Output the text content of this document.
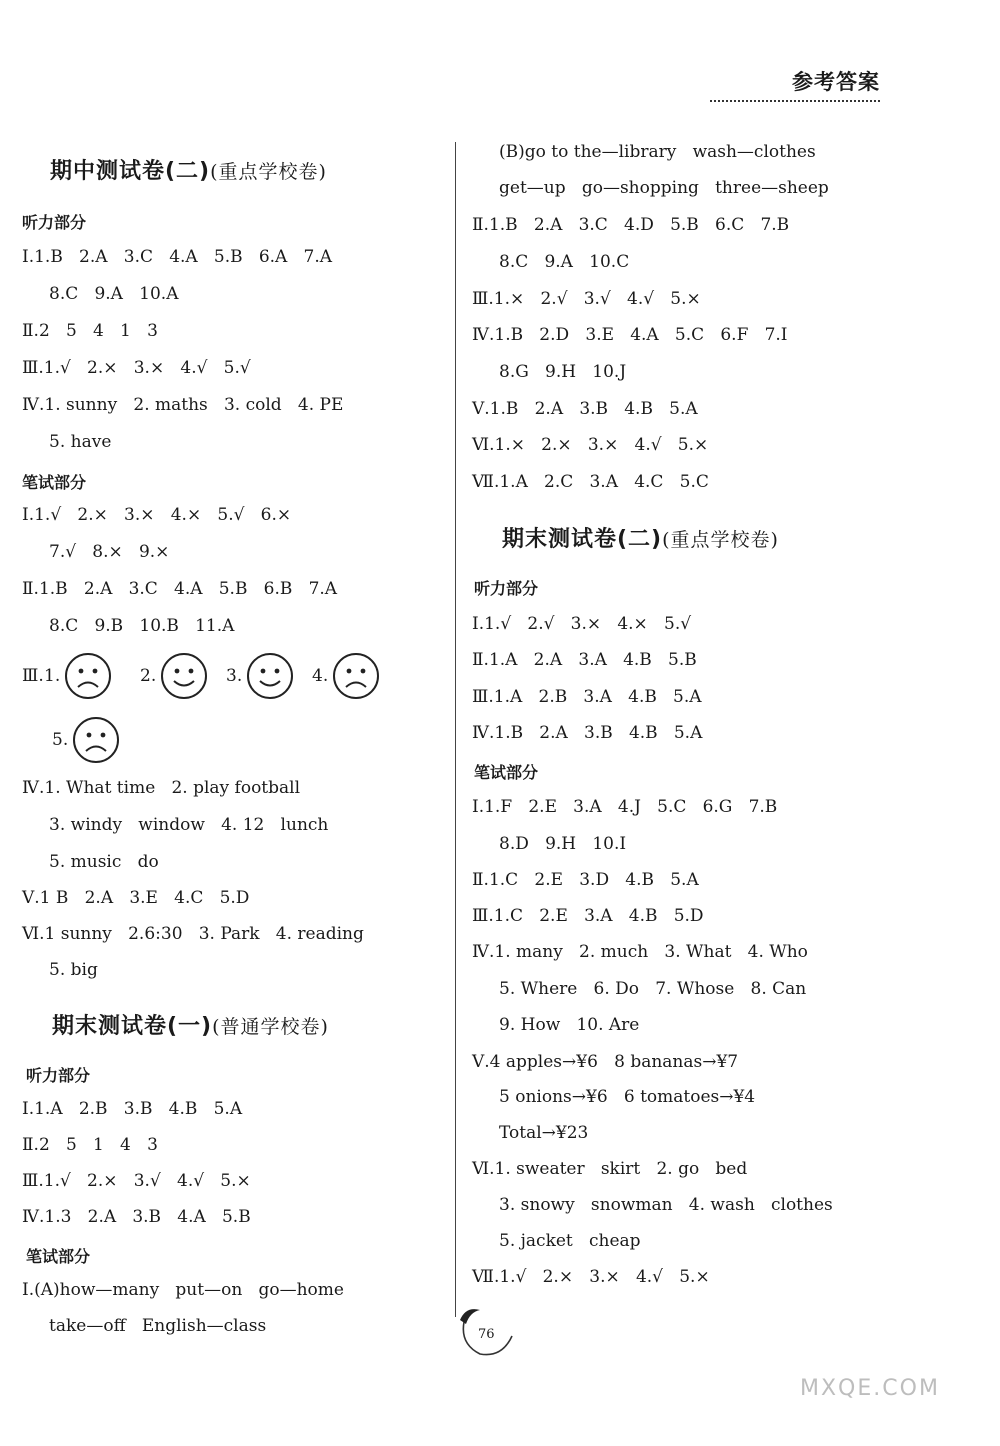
参考答案
期中测试卷(二)(重点学校卷)
听力部分
Ⅰ.1.B   2.A   3.C   4.A   5.B   6.A   7.A
8.C   9.A   10.A
Ⅱ.2   5   4   1   3
Ⅲ.1.√   2.×   3.×   4.√   5.√
Ⅳ.1. sunny   2. maths   3. cold   4. PE
5. have
笔试部分
Ⅰ.1.√   2.×   3.×   4.×   5.√   6.×
7.√   8.×   9.×
Ⅱ.1.B   2.A   3.C   4.A   5.B   6.B   7.A
8.C   9.B   10.B   11.A
Ⅲ. 1.	2.	3.	4.
5.
Ⅳ.1. What time   2. play football
3. windy   window   4. 12   lunch
5. music   do
Ⅴ.1 B   2.A   3.E   4.C   5.D
Ⅵ.1 sunny   2.6:30   3. Park   4. reading
5. big
期末测试卷(一)(普通学校卷)
听力部分
Ⅰ.1.A   2.B   3.B   4.B   5.A
Ⅱ.2   5   1   4   3
Ⅲ.1.√   2.×   3.√   4.√   5.×
Ⅳ.1.3   2.A   3.B   4.A   5.B
笔试部分
Ⅰ.(A)how—many   put—on   go—home
take—off   English—class
(B)go to the—library   wash—clothes
get—up   go—shopping   three—sheep
Ⅱ.1.B   2.A   3.C   4.D   5.B   6.C   7.B
8.C   9.A   10.C
Ⅲ.1.×   2.√   3.√   4.√   5.×
Ⅳ.1.B   2.D   3.E   4.A   5.C   6.F   7.I
8.G   9.H   10.J
Ⅴ.1.B   2.A   3.B   4.B   5.A
Ⅵ.1.×   2.×   3.×   4.√   5.×
Ⅶ.1.A   2.C   3.A   4.C   5.C
期末测试卷(二)(重点学校卷)
听力部分
Ⅰ.1.√   2.√   3.×   4.×   5.√
Ⅱ.1.A   2.A   3.A   4.B   5.B
Ⅲ.1.A   2.B   3.A   4.B   5.A
Ⅳ.1.B   2.A   3.B   4.B   5.A
笔试部分
Ⅰ.1.F   2.E   3.A   4.J   5.C   6.G   7.B
8.D   9.H   10.I
Ⅱ.1.C   2.E   3.D   4.B   5.A
Ⅲ.1.C   2.E   3.A   4.B   5.D
Ⅳ.1. many   2. much   3. What   4. Who
5. Where   6. Do   7. Whose   8. Can
9. How   10. Are
Ⅴ.4 apples→¥6   8 bananas→¥7
5 onions→¥6   6 tomatoes→¥4
Total→¥23
Ⅵ.1. sweater   skirt   2. go   bed
3. snowy   snowman   4. wash   clothes
5. jacket   cheap
Ⅶ.1.√   2.×   3.×   4.√   5.×
76
MXQE.COM
